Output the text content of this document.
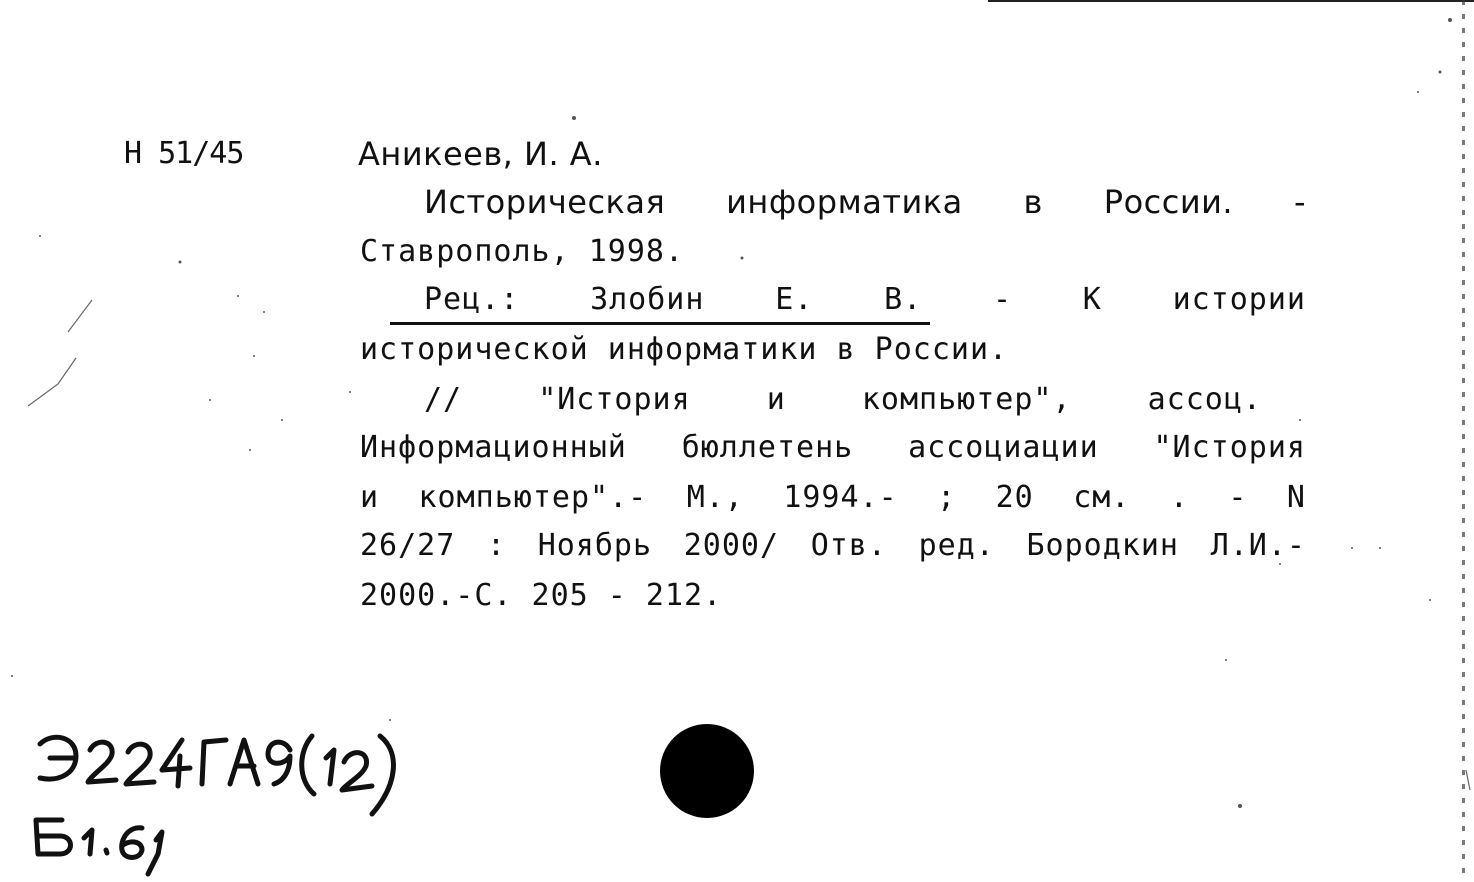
Н 51/45	Аникеев, И. А.
Историческая информатика в России. -
Ставрополь, 1998.
Рец.: Злобин Е. В. - К истории
исторической информатики в России.
//	"История	и	компьютер",	ассоц.
Информационный бюллетень ассоциации "История
и компьютер".- М., 1994.- ; 20 см. . - N
26/27 : Ноябрь 2000/ Отв. ред. Бородкин Л.И.-
2000.-С. 205 - 212.
